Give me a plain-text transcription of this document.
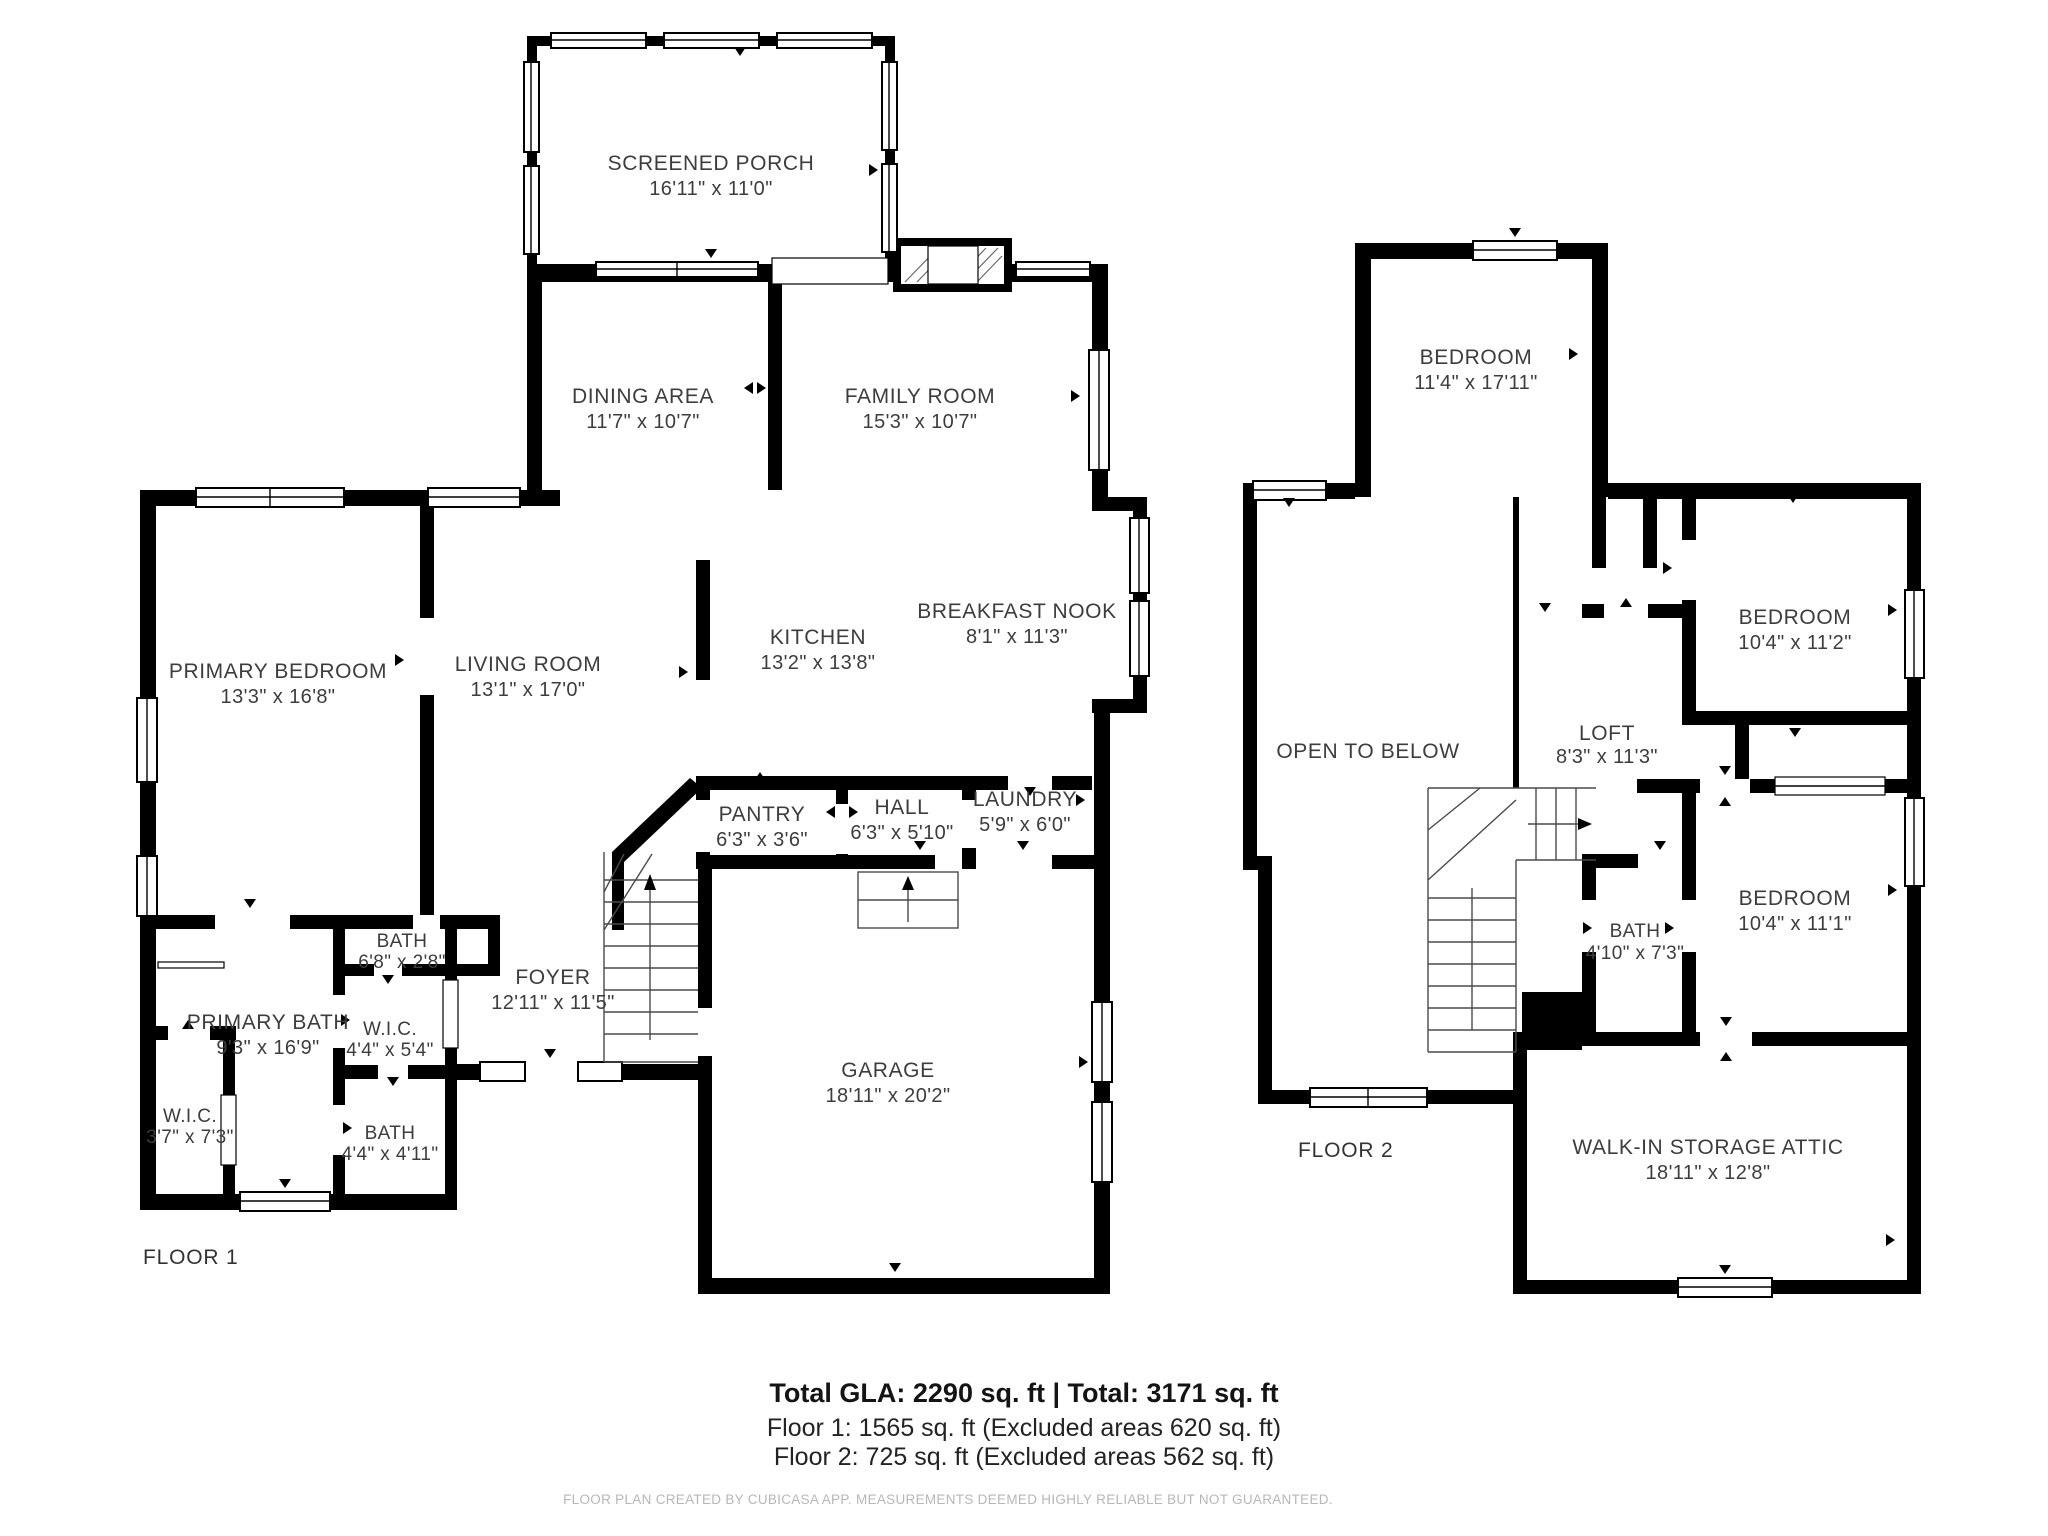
SCREENED PORCH
16'11" x 11'0"
DINING AREA
11'7" x 10'7"
FAMILY ROOM
15'3" x 10'7"
PRIMARY BEDROOM
13'3" x 16'8"
LIVING ROOM
13'1" x 17'0"
KITCHEN
13'2" x 13'8"
BREAKFAST NOOK
8'1" x 11'3"
PANTRY
6'3" x 3'6"
HALL
6'3" x 5'10"
LAUNDRY
5'9" x 6'0"
BATH
6'8" x 2'8"
FOYER
12'11" x 11'5"
W.I.C.
4'4" x 5'4"
PRIMARY BATH
9'3" x 16'9"
W.I.C.
3'7" x 7'3"	BATH
4'4" x 4'11"
GARAGE
18'11" x 20'2"
FLOOR 1
BEDROOM
11'4" x 17'11"
BEDROOM
10'4" x 11'2"
LOFT
8'3" x 11'3"
OPEN TO BELOW
BATH
4'10" x 7'3"
BEDROOM
10'4" x 11'1"
WALK-IN STORAGE ATTIC
18'11" x 12'8"
FLOOR 2
Total GLA: 2290 sq. ft | Total: 3171 sq. ft
Floor 1: 1565 sq. ft (Excluded areas 620 sq. ft)
Floor 2: 725 sq. ft (Excluded areas 562 sq. ft)
FLOOR PLAN CREATED BY CUBICASA APP. MEASUREMENTS DEEMED HIGHLY RELIABLE BUT NOT GUARANTEED.
